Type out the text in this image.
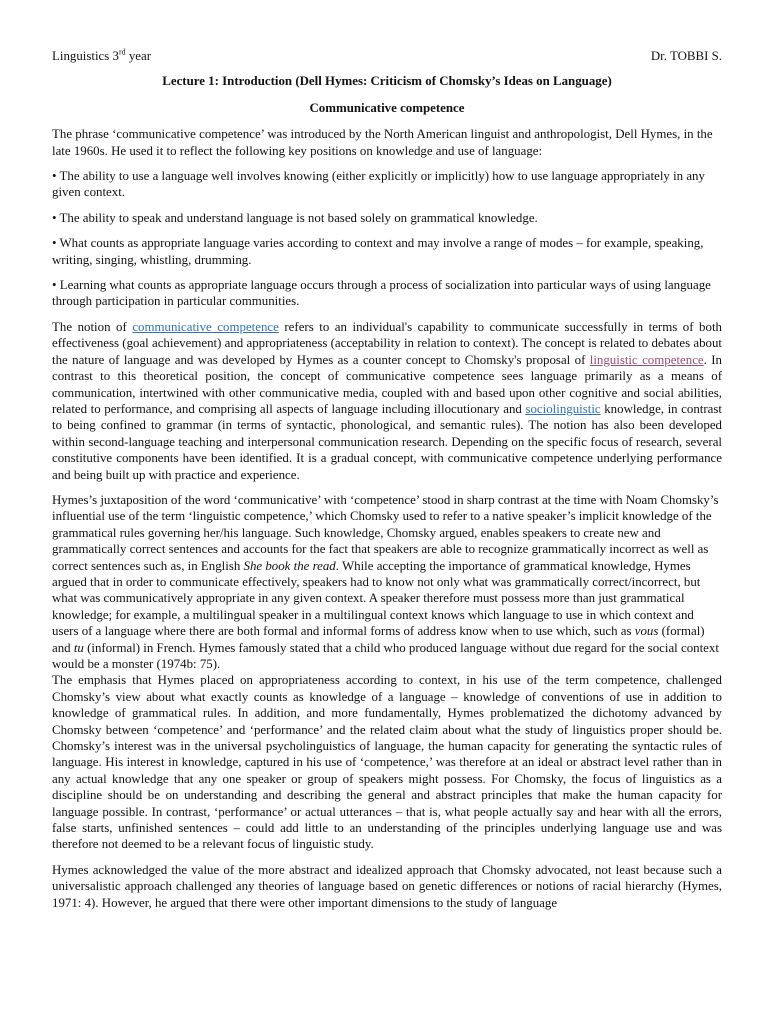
Linguistics 3rd year	Dr. TOBBI S.
Lecture 1: Introduction (Dell Hymes: Criticism of Chomsky’s Ideas on Language)
Communicative competence

The phrase ‘communicative competence’ was introduced by the North American linguist and anthropologist, Dell Hymes, in the late 1960s. He used it to reflect the following key positions on knowledge and use of language:

• The ability to use a language well involves knowing (either explicitly or implicitly) how to use language appropriately in any given context.

• The ability to speak and understand language is not based solely on grammatical knowledge.

• What counts as appropriate language varies according to context and may involve a range of modes – for example, speaking, writing, singing, whistling, drumming.

• Learning what counts as appropriate language occurs through a process of socialization into particular ways of using language through participation in particular communities.

The notion of communicative competence refers to an individual's capability to communicate successfully in terms of both effectiveness (goal achievement) and appropriateness (acceptability in relation to context). The concept is related to debates about the nature of language and was developed by Hymes as a counter concept to Chomsky's proposal of linguistic competence. In contrast to this theoretical position, the concept of communicative competence sees language primarily as a means of communication, intertwined with other communicative media, coupled with and based upon other cognitive and social abilities, related to performance, and comprising all aspects of language including illocutionary and sociolinguistic knowledge, in contrast to being confined to grammar (in terms of syntactic, phonological, and semantic rules). The notion has also been developed within second-language teaching and interpersonal communication research. Depending on the specific focus of research, several constitutive components have been identified. It is a gradual concept, with communicative competence underlying performance and being built up with practice and experience.

Hymes’s juxtaposition of the word ‘communicative’ with ‘competence’ stood in sharp contrast at the time with Noam Chomsky’s influential use of the term ‘linguistic competence,’ which Chomsky used to refer to a native speaker’s implicit knowledge of the grammatical rules governing her/his language. Such knowledge, Chomsky argued, enables speakers to create new and grammatically correct sentences and accounts for the fact that speakers are able to recognize grammatically incorrect as well as correct sentences such as, in English She book the read. While accepting the importance of grammatical knowledge, Hymes argued that in order to communicate effectively, speakers had to know not only what was grammatically correct/incorrect, but what was communicatively appropriate in any given context. A speaker therefore must possess more than just grammatical knowledge; for example, a multilingual speaker in a multilingual context knows which language to use in which context and users of a language where there are both formal and informal forms of address know when to use which, such as vous (formal) and tu (informal) in French. Hymes famously stated that a child who produced language without due regard for the social context would be a monster (1974b: 75).

The emphasis that Hymes placed on appropriateness according to context, in his use of the term competence, challenged Chomsky’s view about what exactly counts as knowledge of a language – knowledge of conventions of use in addition to knowledge of grammatical rules. In addition, and more fundamentally, Hymes problematized the dichotomy advanced by Chomsky between ‘competence’ and ‘performance’ and the related claim about what the study of linguistics proper should be. Chomsky’s interest was in the universal psycholinguistics of language, the human capacity for generating the syntactic rules of language. His interest in knowledge, captured in his use of ‘competence,’ was therefore at an ideal or abstract level rather than in any actual knowledge that any one speaker or group of speakers might possess. For Chomsky, the focus of linguistics as a discipline should be on understanding and describing the general and abstract principles that make the human capacity for language possible. In contrast, ‘performance’ or actual utterances – that is, what people actually say and hear with all the errors, false starts, unfinished sentences – could add little to an understanding of the principles underlying language use and was therefore not deemed to be a relevant focus of linguistic study.

Hymes acknowledged the value of the more abstract and idealized approach that Chomsky advocated, not least because such a universalistic approach challenged any theories of language based on genetic differences or notions of racial hierarchy (Hymes, 1971: 4). However, he argued that there were other important dimensions to the study of language
